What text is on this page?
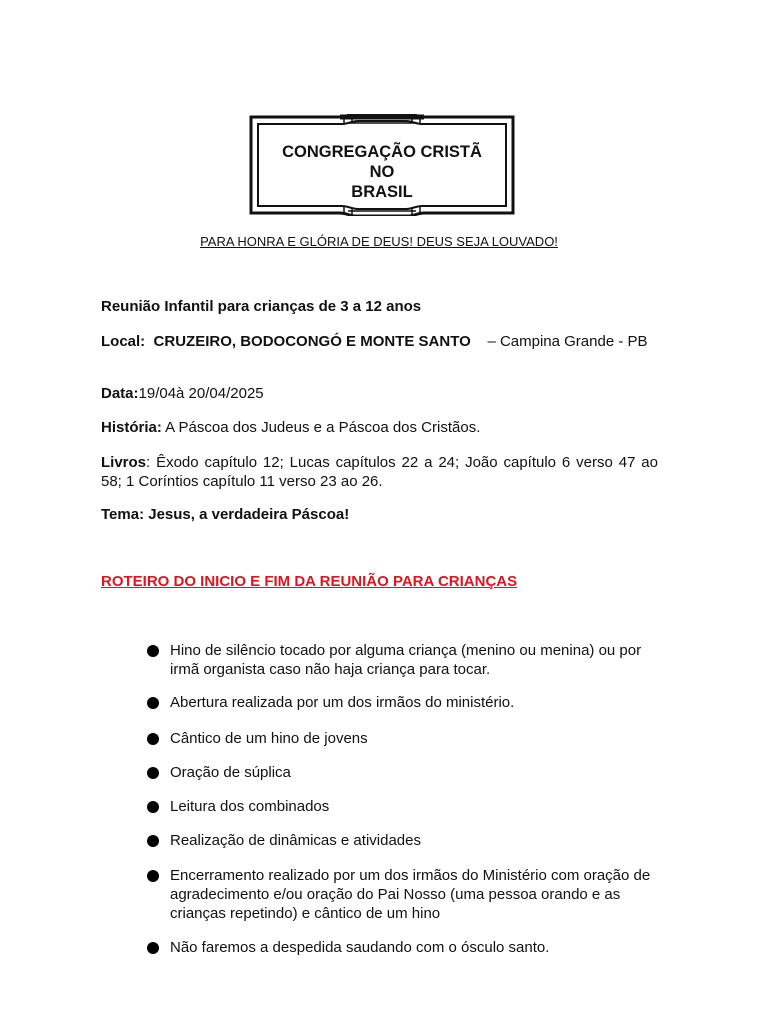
CONGREGAÇÃO CRISTÃ
NO
BRASIL
PARA HONRA E GLÓRIA DE DEUS! DEUS SEJA LOUVADO!
Reunião Infantil para crianças de 3 a 12 anos
Local: CRUZEIRO, BODOCONGÓ E MONTE SANTO – Campina Grande - PB
Data:19/04à 20/04/2025
História: A Páscoa dos Judeus e a Páscoa dos Cristãos.
Livros: Êxodo capítulo 12; Lucas capítulos 22 a 24; João capítulo 6 verso 47 ao 58; 1 Coríntios capítulo 11 verso 23 ao 26.
Tema: Jesus, a verdadeira Páscoa!
ROTEIRO DO INICIO E FIM DA REUNIÃO PARA CRIANÇAS
Hino de silêncio tocado por alguma criança (menino ou menina) ou por irmã organista caso não haja criança para tocar.
Abertura realizada por um dos irmãos do ministério.
Cântico de um hino de jovens
Oração de súplica
Leitura dos combinados
Realização de dinâmicas e atividades
Encerramento realizado por um dos irmãos do Ministério com oração de agradecimento e/ou oração do Pai Nosso (uma pessoa orando e as crianças repetindo) e cântico de um hino
Não faremos a despedida saudando com o ósculo santo.
